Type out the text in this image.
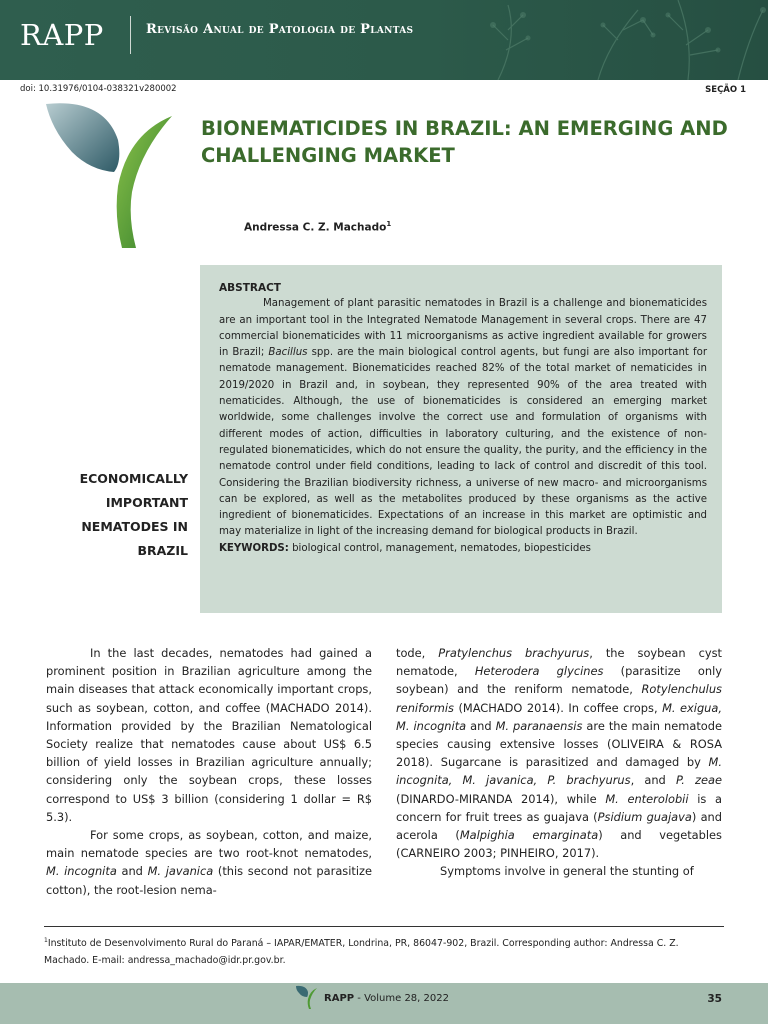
RAPP	Revisão Anual de Patologia de Plantas
doi: 10.31976/0104-038321v280002	SEÇÃO 1
BIONEMATICIDES IN BRAZIL: AN EMERGING AND CHALLENGING MARKET
Andressa C. Z. Machado$^1$
ABSTRACT

Management of plant parasitic nematodes in Brazil is a challenge and bionematicides are an important tool in the Integrated Nematode Management in several crops. There are 47 commercial bionematicides with 11 microorganisms as active ingredient available for growers in Brazil; Bacillus spp. are the main biological control agents, but fungi are also important for nematode management. Bionematicides reached 82% of the total market of nematicides in 2019/2020 in Brazil and, in soybean, they represented 90% of the area treated with nematicides. Although, the use of bionematicides is considered an emerging market worldwide, some challenges involve the correct use and formulation of organisms with different modes of action, difficulties in laboratory culturing, and the existence of non-regulated bionematicides, which do not ensure the quality, the purity, and the efficiency in the nematode control under field conditions, leading to lack of control and discredit of this tool. Considering the Brazilian biodiversity richness, a universe of new macro- and microorganisms can be explored, as well as the metabolites produced by these organisms as the active ingredient of bionematicides. Expectations of an increase in this market are optimistic and may materialize in light of the increasing demand for biological products in Brazil.

KEYWORDS: biological control, management, nematodes, biopesticides

ECONOMICALLY IMPORTANT NEMATODES IN BRAZIL

In the last decades, nematodes had gained a prominent position in Brazilian agriculture among the main diseases that attack economically important crops, such as soybean, cotton, and coffee (MACHADO 2014). Information provided by the Brazilian Nematological Society realize that nematodes cause about US$ 6.5 billion of yield losses in Brazilian agriculture annually; considering only the soybean crops, these losses correspond to US$ 3 billion (considering 1 dollar = R$ 5.3).

For some crops, as soybean, cotton, and maize, main nematode species are two root-knot nematodes, M. incognita and M. javanica (this second not parasitize cotton), the root-lesion nema-

tode, Pratylenchus brachyurus, the soybean cyst nematode, Heterodera glycines (parasitize only soybean) and the reniform nematode, Rotylenchulus reniformis (MACHADO 2014). In coffee crops, M. exigua, M. incognita and M. paranaensis are the main nematode species causing extensive losses (OLIVEIRA & ROSA 2018). Sugarcane is parasitized and damaged by M. incognita, M. javanica, P. brachyurus, and P. zeae (DINARDO-MIRANDA 2014), while M. enterolobii is a concern for fruit trees as guajava (Psidium guajava) and acerola (Malpighia emarginata) and vegetables (CARNEIRO 2003; PINHEIRO, 2017).

Symptoms involve in general the stunting of

$^1$Instituto de Desenvolvimento Rural do Paraná – IAPAR/EMATER, Londrina, PR, 86047-902, Brazil. Corresponding author: Andressa C. Z. Machado. E-mail: andressa_machado@idr.pr.gov.br.
RAPP - Volume 28, 2022	35
